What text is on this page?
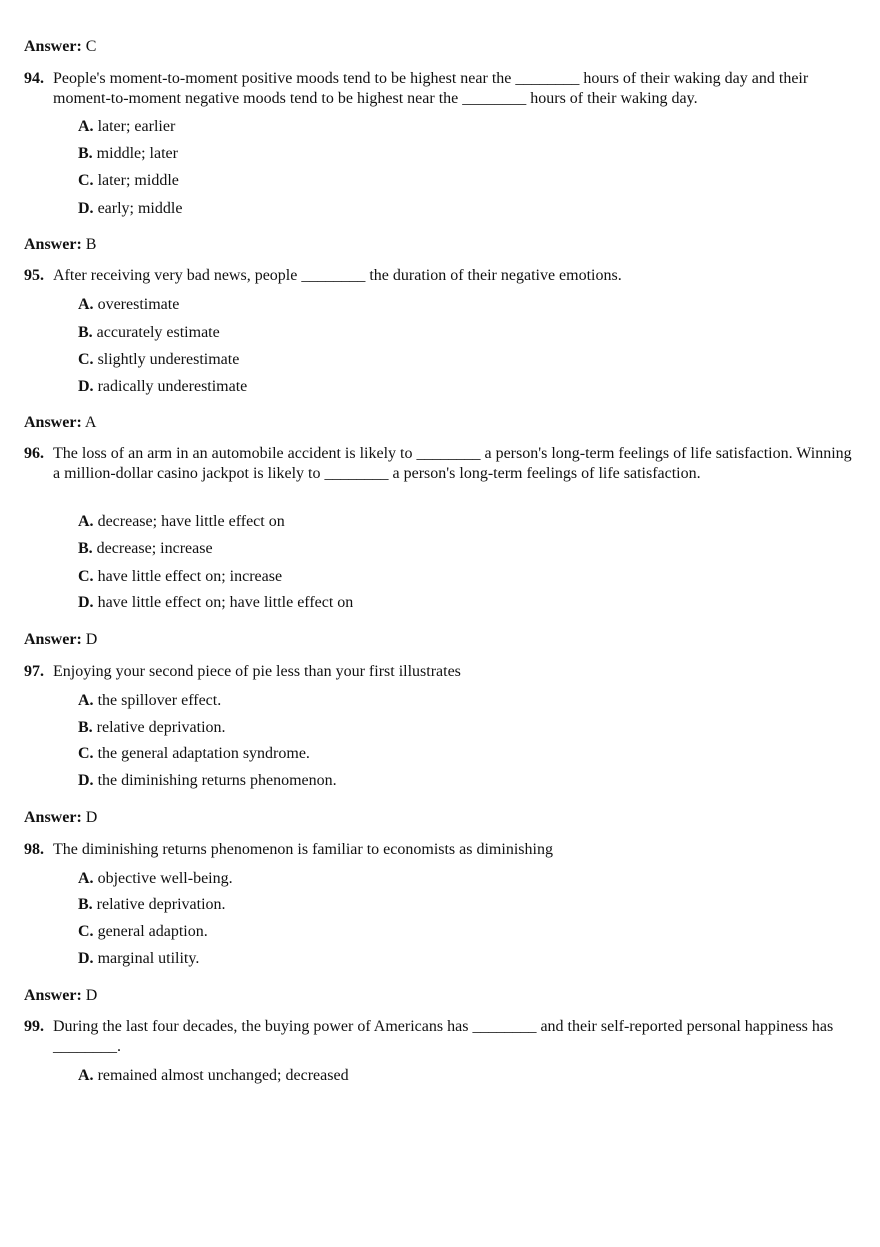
Answer: C
94. People's moment-to-moment positive moods tend to be highest near the ________ hours of their waking day and their moment-to-moment negative moods tend to be highest near the ________ hours of their waking day.
A. later; earlier
B. middle; later
C. later; middle
D. early; middle
Answer: B
95. After receiving very bad news, people ________ the duration of their negative emotions.
A. overestimate
B. accurately estimate
C. slightly underestimate
D. radically underestimate
Answer: A
96. The loss of an arm in an automobile accident is likely to ________ a person's long-term feelings of life satisfaction. Winning a million-dollar casino jackpot is likely to ________ a person's long-term feelings of life satisfaction.
A. decrease; have little effect on
B. decrease; increase
C. have little effect on; increase
D. have little effect on; have little effect on
Answer: D
97. Enjoying your second piece of pie less than your first illustrates
A. the spillover effect.
B. relative deprivation.
C. the general adaptation syndrome.
D. the diminishing returns phenomenon.
Answer: D
98. The diminishing returns phenomenon is familiar to economists as diminishing
A. objective well-being.
B. relative deprivation.
C. general adaption.
D. marginal utility.
Answer: D
99. During the last four decades, the buying power of Americans has ________ and their self-reported personal happiness has ________.
A. remained almost unchanged; decreased
